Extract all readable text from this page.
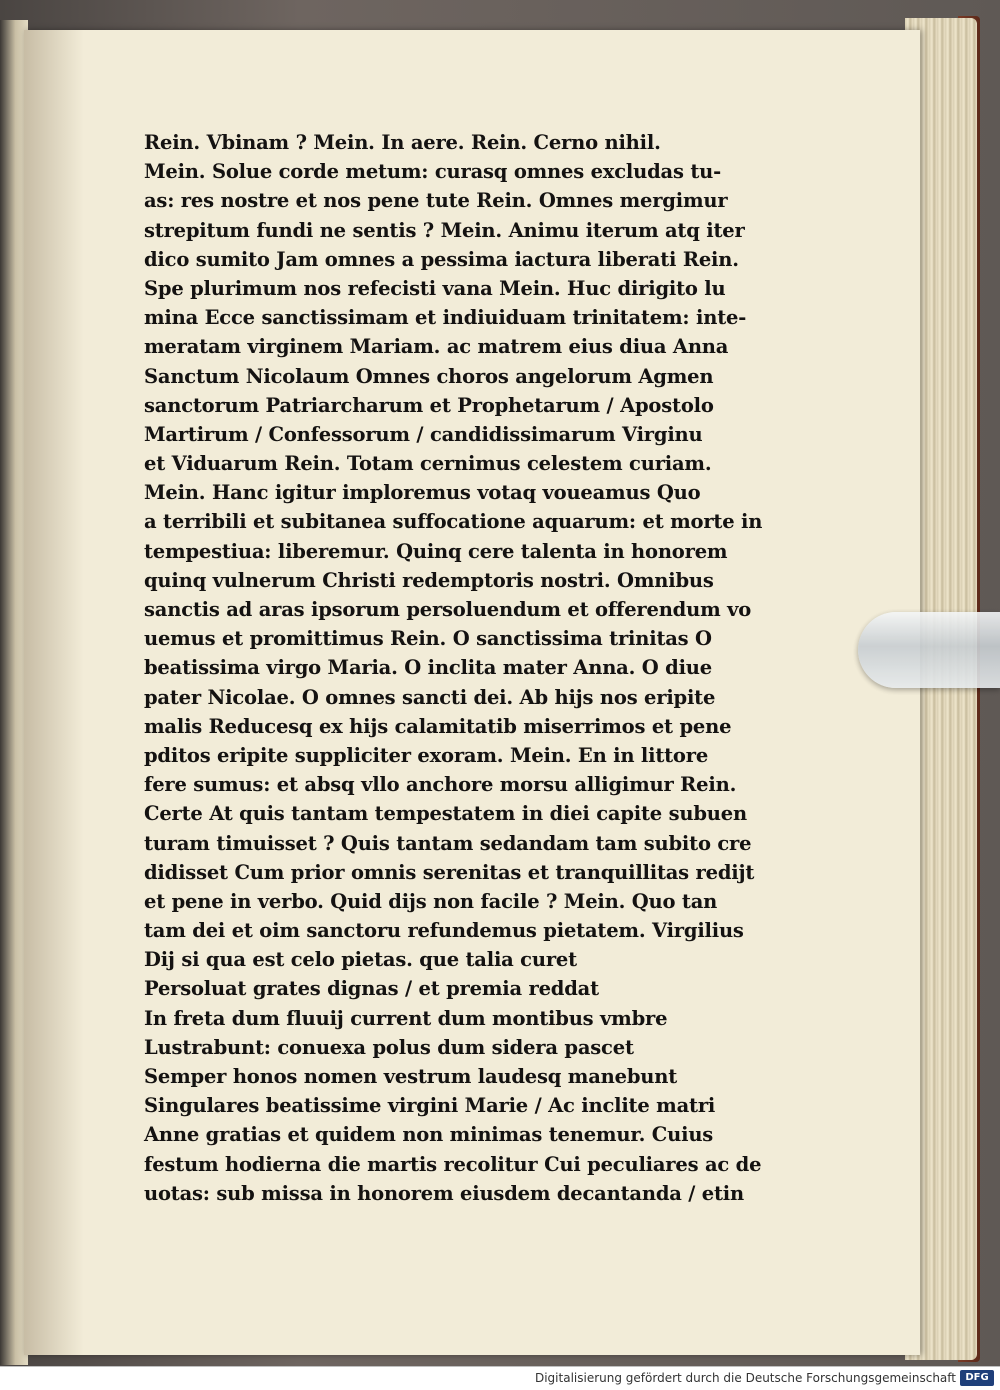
Rein. Vbinam ? Mein. In aere. Rein. Cerno nihil.
Mein. Solue corde metum: curasq omnes excludas tu-
as: res nostre et nos pene tute Rein. Omnes mergimur
strepitum fundi ne sentis ? Mein. Animu iterum atq iter
dico sumito Jam omnes a pessima iactura liberati Rein.
Spe plurimum nos refecisti vana Mein. Huc dirigito lu
mina Ecce sanctissimam et indiuiduam trinitatem: inte-
meratam virginem Mariam. ac matrem eius diua Anna
Sanctum Nicolaum Omnes choros angelorum Agmen
sanctorum Patriarcharum et Prophetarum / Apostolo
Martirum / Confessorum / candidissimarum Virginu
et Viduarum Rein. Totam cernimus celestem curiam.
Mein. Hanc igitur imploremus votaq voueamus Quo
a terribili et subitanea suffocatione aquarum: et morte in
tempestiua: liberemur. Quinq cere talenta in honorem
quinq vulnerum Christi redemptoris nostri. Omnibus
sanctis ad aras ipsorum persoluendum et offerendum vo
uemus et promittimus Rein. O sanctissima trinitas O
beatissima virgo Maria. O inclita mater Anna. O diue
pater Nicolae. O omnes sancti dei. Ab hijs nos eripite
malis Reducesq ex hijs calamitatib miserrimos et pene
pditos eripite suppliciter exoram. Mein. En in littore
fere sumus: et absq vllo anchore morsu alligimur Rein.
Certe At quis tantam tempestatem in diei capite subuen
turam timuisset ? Quis tantam sedandam tam subito cre
didisset Cum prior omnis serenitas et tranquillitas redijt
et pene in verbo. Quid dijs non facile ? Mein. Quo tan
tam dei et oim sanctoru refundemus pietatem. Virgilius
Dij si qua est celo pietas. que talia curet
Persoluat grates dignas / et premia reddat
In freta dum fluuij current dum montibus vmbre
Lustrabunt: conuexa polus dum sidera pascet
Semper honos nomen vestrum laudesq manebunt
Singulares beatissime virgini Marie / Ac inclite matri
Anne gratias et quidem non minimas tenemur. Cuius
festum hodierna die martis recolitur Cui peculiares ac de
uotas: sub missa in honorem eiusdem decantanda / etin
Digitalisierung gefördert durch die Deutsche Forschungsgemeinschaft DFG
